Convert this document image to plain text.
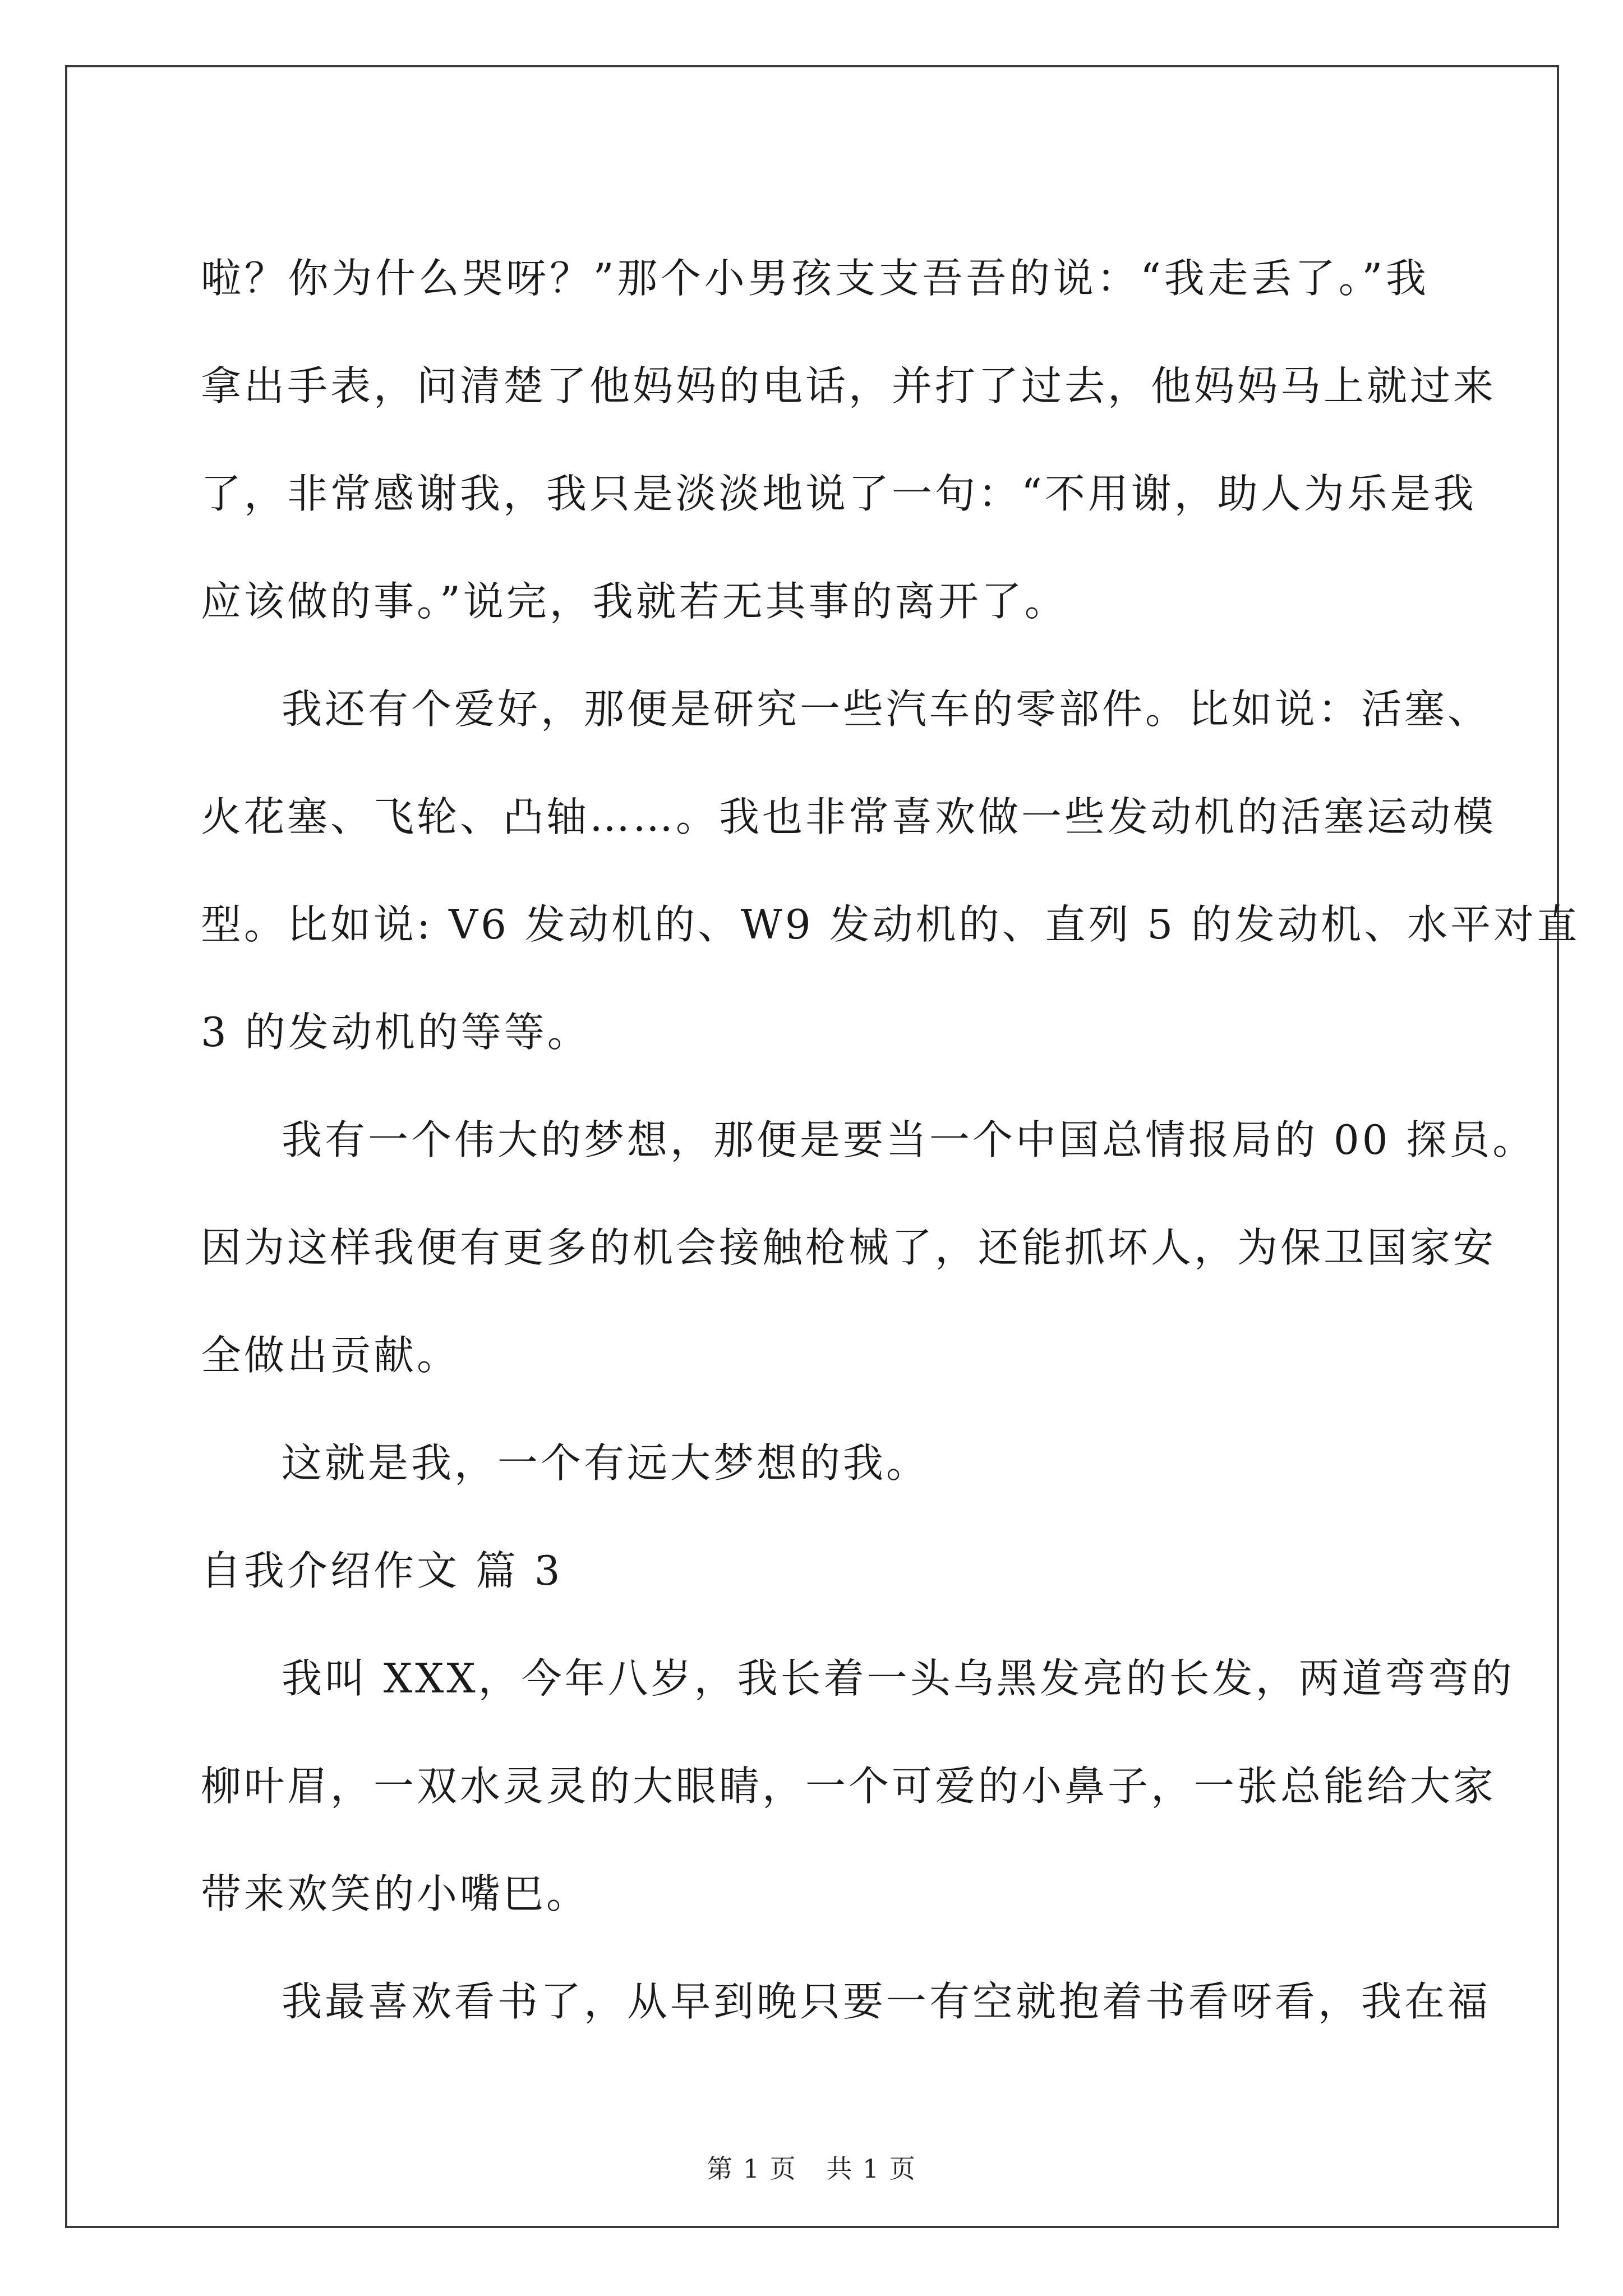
啦？你为什么哭呀？”那个小男孩支支吾吾的说：“我走丢了。”我
拿出手表，问清楚了他妈妈的电话，并打了过去，他妈妈马上就过来
了，非常感谢我，我只是淡淡地说了一句：“不用谢，助人为乐是我
应该做的事。”说完，我就若无其事的离开了。
我还有个爱好，那便是研究一些汽车的零部件。比如说：活塞、
火花塞、飞轮、凸轴……。我也非常喜欢做一些发动机的活塞运动模
型。比如说: V6 发动机的、W9 发动机的、直列 5 的发动机、水平对直
3 的发动机的等等。
我有一个伟大的梦想，那便是要当一个中国总情报局的 00 探员。
因为这样我便有更多的机会接触枪械了，还能抓坏人，为保卫国家安
全做出贡献。
这就是我，一个有远大梦想的我。
自我介绍作文 篇 3
我叫 XXX，今年八岁，我长着一头乌黑发亮的长发，两道弯弯的
柳叶眉，一双水灵灵的大眼睛，一个可爱的小鼻子，一张总能给大家
带来欢笑的小嘴巴。
我最喜欢看书了，从早到晚只要一有空就抱着书看呀看，我在福
第 1 页 共 1 页
